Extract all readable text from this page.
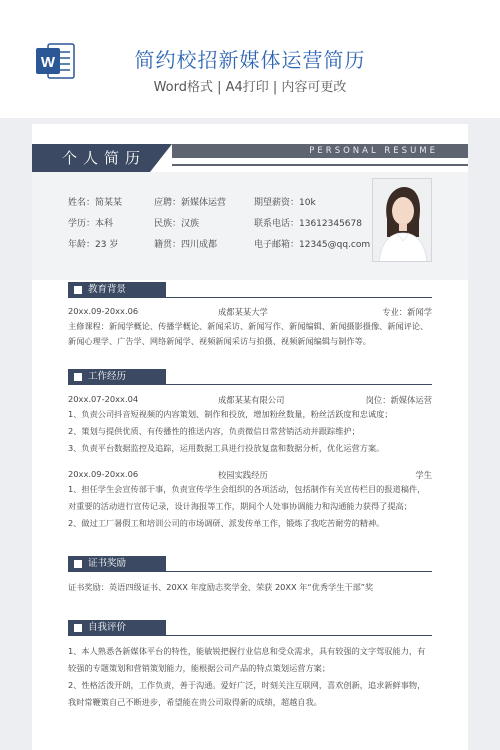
W	简约校招新媒体运营简历
Word格式 | A4打印 | 内容可更改
个人简历	PERSONAL RESUME
姓名：简某某	应聘：新媒体运营	期望薪资：10k
学历：本科	民族：汉族	联系电话：13612345678
年龄：23 岁	籍贯：四川成都	电子邮箱：12345@qq.com
教育背景
20xx.09-20xx.06	成都某某大学	专业：新闻学
主修课程：新闻学概论、传播学概论、新闻采访、新闻写作、新闻编辑、新闻摄影摄像、新闻评论、
新闻心理学、广告学、网络新闻学、视频新闻采访与拍摄、视频新闻编辑与制作等。
工作经历
20xx.07-20xx.04	成都某某有限公司	岗位：新媒体运营
1、负责公司抖音短视频的内容策划、制作和投放，增加粉丝数量，粉丝活跃度和忠诚度；
2、策划与提供优质、有传播性的推送内容，负责微信日常营销活动并跟踪维护；
3、负责平台数据监控及追踪，运用数据工具进行投放复盘和数据分析，优化运营方案。
20xx.09-20xx.06	校园实践经历	学生
1、担任学生会宣传部干事，负责宣传学生会组织的各项活动，包括制作有关宣传栏目的报道稿件，
对重要的活动进行宣传记录，设计海报等工作，期间个人处事协调能力和沟通能力获得了提高；
2、做过工厂暑假工和培训公司的市场调研、派发传单工作，锻炼了我吃苦耐劳的精神。
证书奖励
证书奖励：英语四级证书、20XX 年度励志奖学金、荣获 20XX 年“优秀学生干部”奖
自我评价
1、本人熟悉各新媒体平台的特性，能敏锐把握行业信息和受众需求，具有较强的文字驾驭能力，有
较强的专题策划和营销策划能力，能根据公司产品的特点策划运营方案；
2、性格活泼开朗，工作负责，善于沟通。爱好广泛，时刻关注互联网，喜欢创新，追求新鲜事物，
我时常鞭策自己不断进步，希望能在贵公司取得新的成绩，超越自我。
